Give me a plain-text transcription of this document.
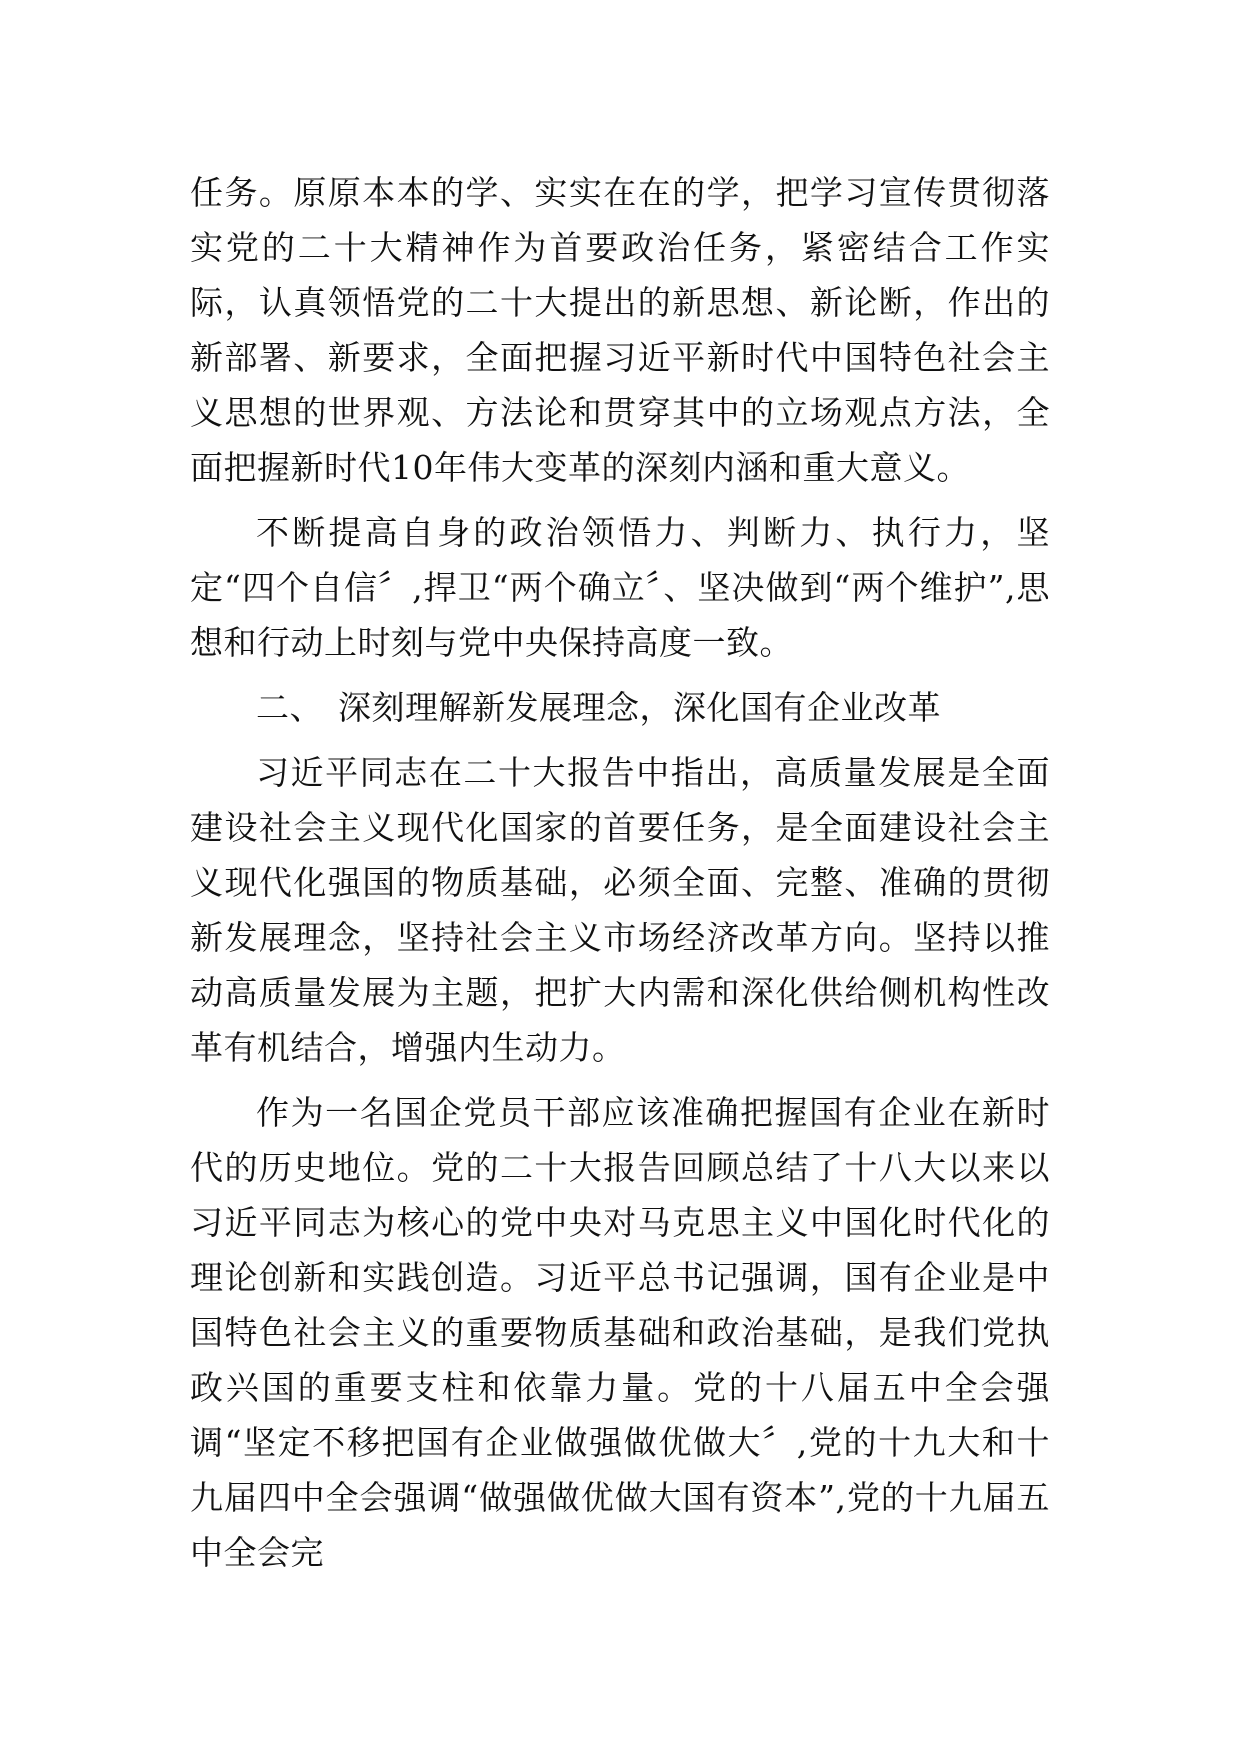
任务。原原本本的学、实实在在的学，把学习宣传贯彻落实党的二十大精神作为首要政治任务，紧密结合工作实际，认真领悟党的二十大提出的新思想、新论断，作出的新部署、新要求，全面把握习近平新时代中国特色社会主义思想的世界观、方法论和贯穿其中的立场观点方法，全面把握新时代10年伟大变革的深刻内涵和重大意义。

不断提高自身的政治领悟力、判断力、执行力，坚定“四个自信〞,捍卫“两个确立〞、坚决做到“两个维护”,思想和行动上时刻与党中央保持高度一致。

二、 深刻理解新发展理念，深化国有企业改革

习近平同志在二十大报告中指出，高质量发展是全面建设社会主义现代化国家的首要任务，是全面建设社会主义现代化强国的物质基础，必须全面、完整、准确的贯彻新发展理念，坚持社会主义市场经济改革方向。坚持以推动高质量发展为主题，把扩大内需和深化供给侧机构性改革有机结合，增强内生动力。

作为一名国企党员干部应该准确把握国有企业在新时代的历史地位。党的二十大报告回顾总结了十八大以来以习近平同志为核心的党中央对马克思主义中国化时代化的理论创新和实践创造。习近平总书记强调，国有企业是中国特色社会主义的重要物质基础和政治基础，是我们党执政兴国的重要支柱和依靠力量。党的十八届五中全会强调“坚定不移把国有企业做强做优做大〞,党的十九大和十九届四中全会强调“做强做优做大国有资本”,党的十九届五中全会完
